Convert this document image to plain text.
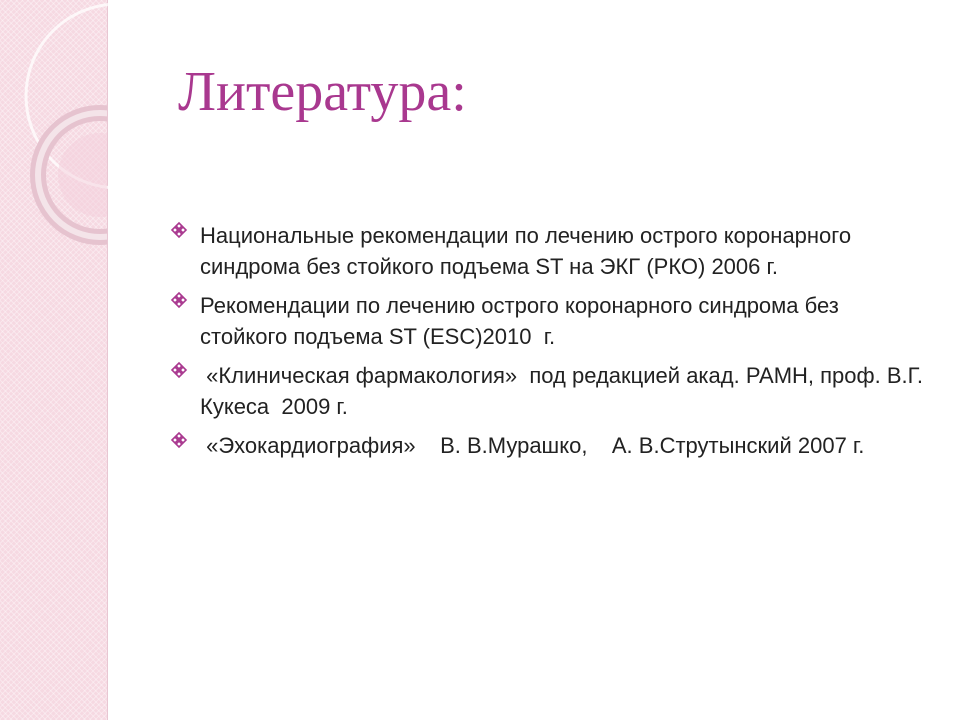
Литература:
Национальные рекомендации по лечению острого коронарного синдрома без стойкого подъема ST на ЭКГ (РКО) 2006 г.
Рекомендации по лечению острого коронарного синдрома без стойкого подъема ST (ESC)2010  г.
«Клиническая фармакология»  под редакцией акад. РАМН, проф. В.Г. Кукеса  2009 г.
«Эхокардиография»    В. В.Мурашко,    А. В.Струтынский 2007 г.
